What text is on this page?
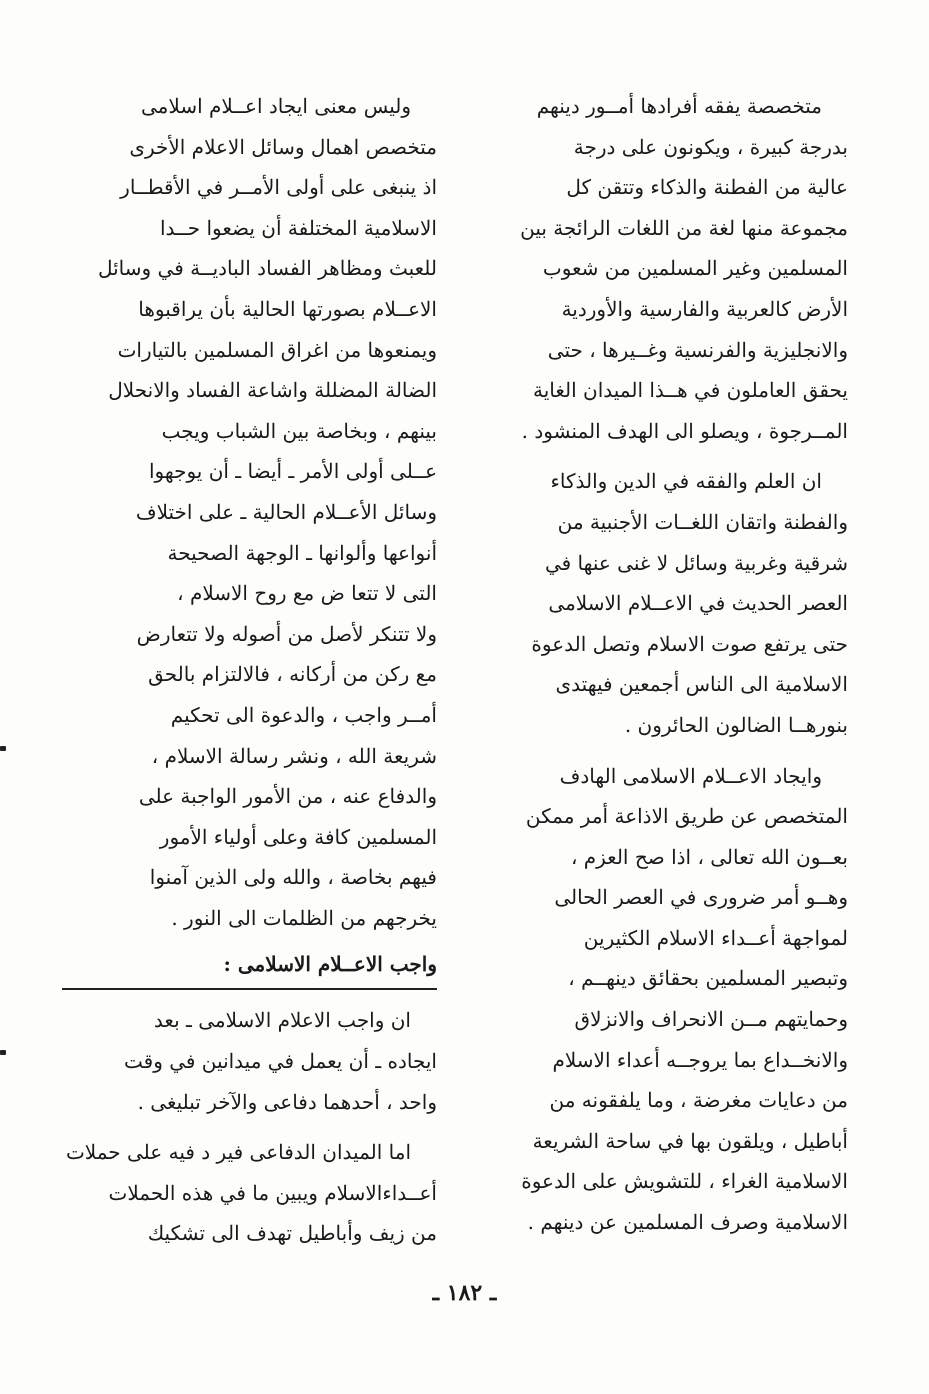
متخصصة يفقه أفرادها أمــور دينهم
بدرجة كبيرة ، ويكونون على درجة
عالية من الفطنة والذكاء وتتقن كل
مجموعة منها لغة من اللغات الرائجة بين
المسلمين وغير المسلمين من شعوب
الأرض كالعربية والفارسية والأوردية
والانجليزية والفرنسية وغــيرها ، حتى
يحقق العاملون في هــذا الميدان الغاية
المــرجوة ، ويصلو الى الهدف المنشود .

ان العلم والفقه في الدين والذكاء
والفطنة واتقان اللغــات الأجنبية من
شرقية وغربية وسائل لا غنى عنها في
العصر الحديث في الاعــلام الاسلامى
حتى يرتفع صوت الاسلام وتصل الدعوة
الاسلامية الى الناس أجمعين فيهتدى
بنورهــا الضالون الحائرون .

وايجاد الاعــلام الاسلامى الهادف
المتخصص عن طريق الاذاعة أمر ممكن
بعــون الله تعالى ، اذا صح العزم ،
وهــو أمر ضرورى في العصر الحالى
لمواجهة أعــداء الاسلام الكثيرين
وتبصير المسلمين بحقائق دينهــم ،
وحمايتهم مــن الانحراف والانزلاق
والانخــداع بما يروجــه أعداء الاسلام
من دعايات مغرضة ، وما يلفقونه من
أباطيل ، ويلقون بها في ساحة الشريعة
الاسلامية الغراء ، للتشويش على الدعوة
الاسلامية وصرف المسلمين عن دينهم .

وليس معنى ايجاد اعــلام اسلامى
متخصص اهمال وسائل الاعلام الأخرى
اذ ينبغى على أولى الأمــر في الأقطــار
الاسلامية المختلفة أن يضعوا حــدا
للعبث ومظاهر الفساد الباديــة في وسائل
الاعــلام بصورتها الحالية بأن يراقبوها
ويمنعوها من اغراق المسلمين بالتيارات
الضالة المضللة واشاعة الفساد والانحلال
بينهم ، وبخاصة بين الشباب ويجب
عــلى أولى الأمر ـ أيضا ـ أن يوجهوا
وسائل الأعــلام الحالية ـ على اختلاف
أنواعها وألوانها ـ الوجهة الصحيحة
التى لا تتعا ض مع روح الاسلام ،
ولا تتنكر لأصل من أصوله ولا تتعارض
مع ركن من أركانه ، فالالتزام بالحق
أمــر واجب ، والدعوة الى تحكيم
شريعة الله ، ونشر رسالة الاسلام ،
والدفاع عنه ، من الأمور الواجبة على
المسلمين كافة وعلى أولياء الأمور
فيهم بخاصة ، والله ولى الذين آمنوا
يخرجهم من الظلمات الى النور .

واجب الاعــلام الاسلامى :

ان واجب الاعلام الاسلامى ـ بعد
ايجاده ـ أن يعمل في ميدانين في وقت
واحد ، أحدهما دفاعى والآخر تبليغى .

اما الميدان الدفاعى فير د فيه على حملات
أعــداءالاسلام ويبين ما في هذه الحملات
من زيف وأباطيل تهدف الى تشكيك

ـ ١٨٢ ـ
